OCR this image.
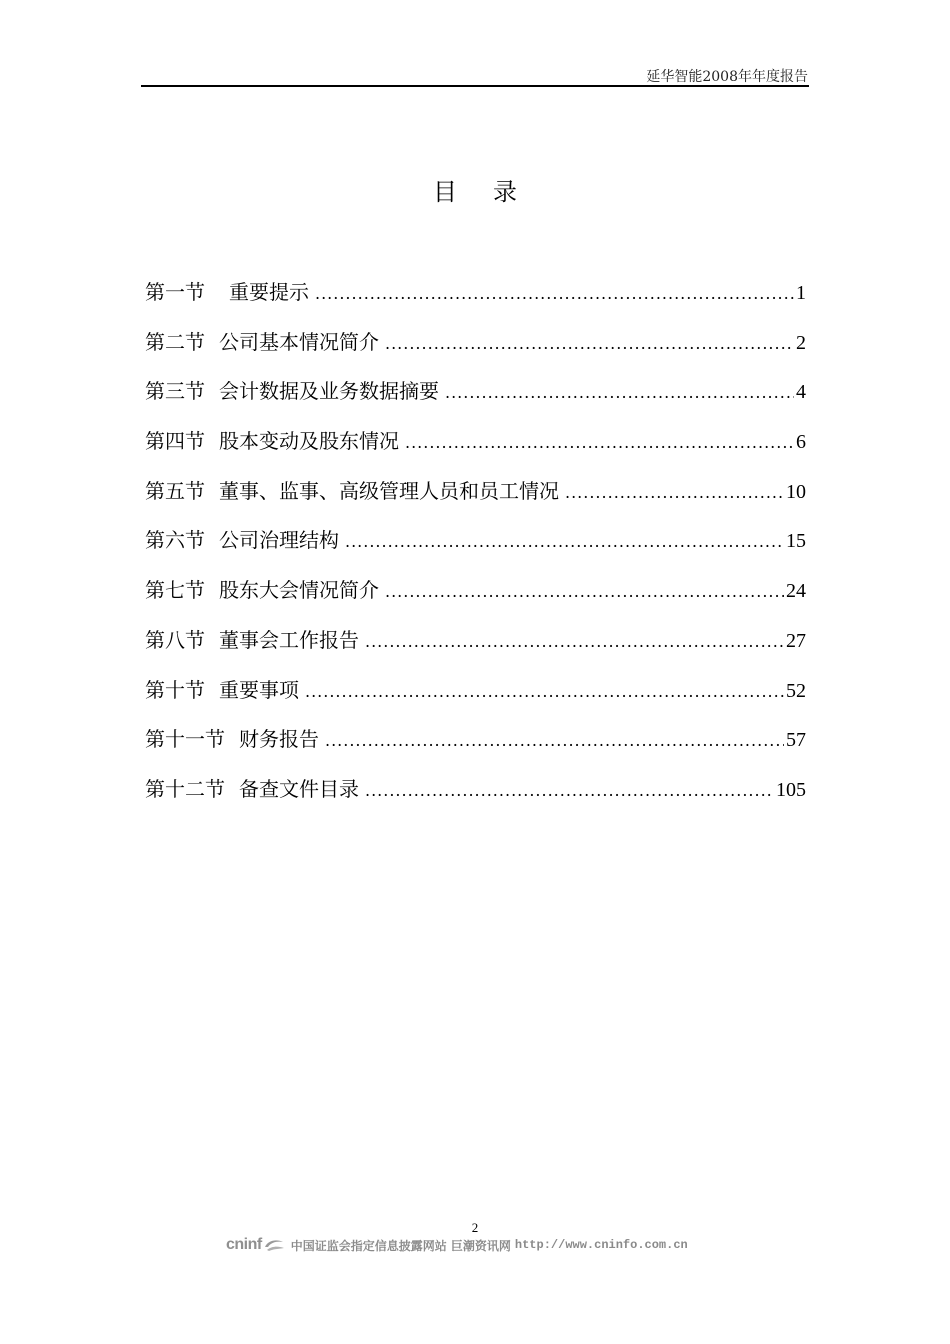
延华智能2008年年度报告
目录
第一节 重要提示 .....	1
第二节 公司基本情况简介 .....	2
第三节 会计数据及业务数据摘要 .....	4
第四节 股本变动及股东情况 .....	6
第五节 董事、监事、高级管理人员和员工情况 .....	10
第六节 公司治理结构 .....	15
第七节 股东大会情况简介 .....	24
第八节 董事会工作报告 .....	27
第十节 重要事项 .....	52
第十一节 财务报告 .....	57
第十二节 备查文件目录 .....	105
2
cninf 中国证监会指定信息披露网站 巨潮资讯网 http://www.cninfo.com.cn
